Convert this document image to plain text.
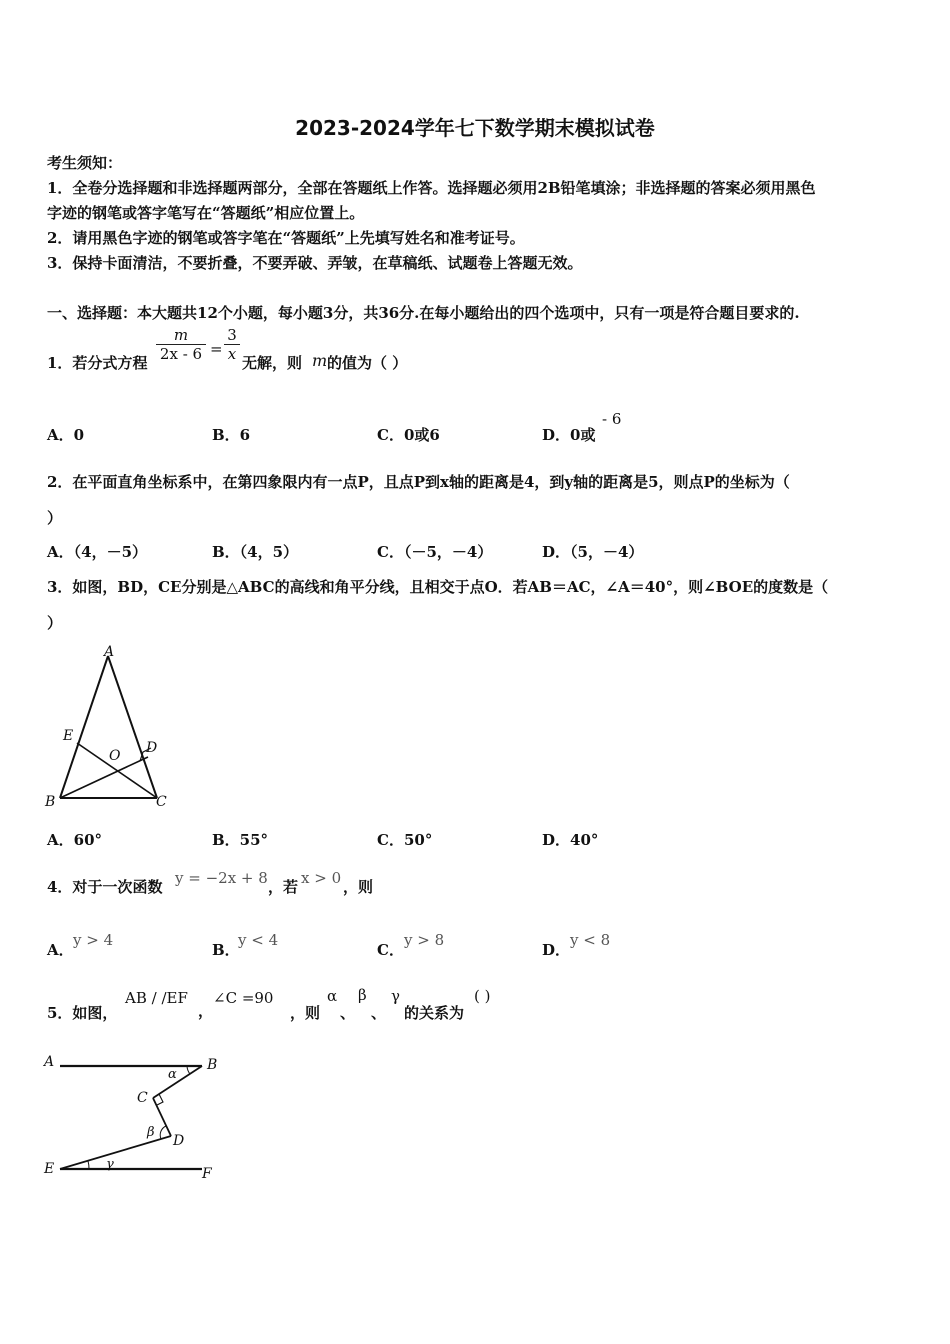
2023-2024学年七下数学期末模拟试卷
考生须知：
1．全卷分选择题和非选择题两部分，全部在答题纸上作答。选择题必须用2B铅笔填涂；非选择题的答案必须用黑色
字迹的钢笔或答字笔写在“答题纸”相应位置上。
2．请用黑色字迹的钢笔或答字笔在“答题纸”上先填写姓名和准考证号。
3．保持卡面清洁，不要折叠，不要弄破、弄皱，在草稿纸、试题卷上答题无效。
一、选择题：本大题共12个小题，每小题3分，共36分.在每小题给出的四个选项中，只有一项是符合题目要求的.
1．若分式方程
m
2x - 6 =
3
x 无解，则 m 的值为（ ）
A．0	B．6	C．0或6	D．0或
- 6
2．在平面直角坐标系中，在第四象限内有一点P，且点P到x轴的距离是4，到y轴的距离是5，则点P的坐标为（
）
A．（4，－5）	B．（4，5）	C．（－5，－4）	D．（5，－4）
3．如图，BD，CE分别是△ABC的高线和角平分线，且相交于点O．若AB＝AC，∠A＝40°，则∠BOE的度数是（
）
A
E
O D
B	C
A．60°	B．55°	C．50°	D．40°
4．对于一次函数 y = −2x + 8 ，若 x > 0 ，则
A．
y > 4
B．
y < 4
C．
y > 8
D．
y < 8
5．如图，
AB / /EF
，
∠C =90
，则
α
、
β
、
γ
的关系为
( )
A	B
α
C
β
D
E	γ
F
